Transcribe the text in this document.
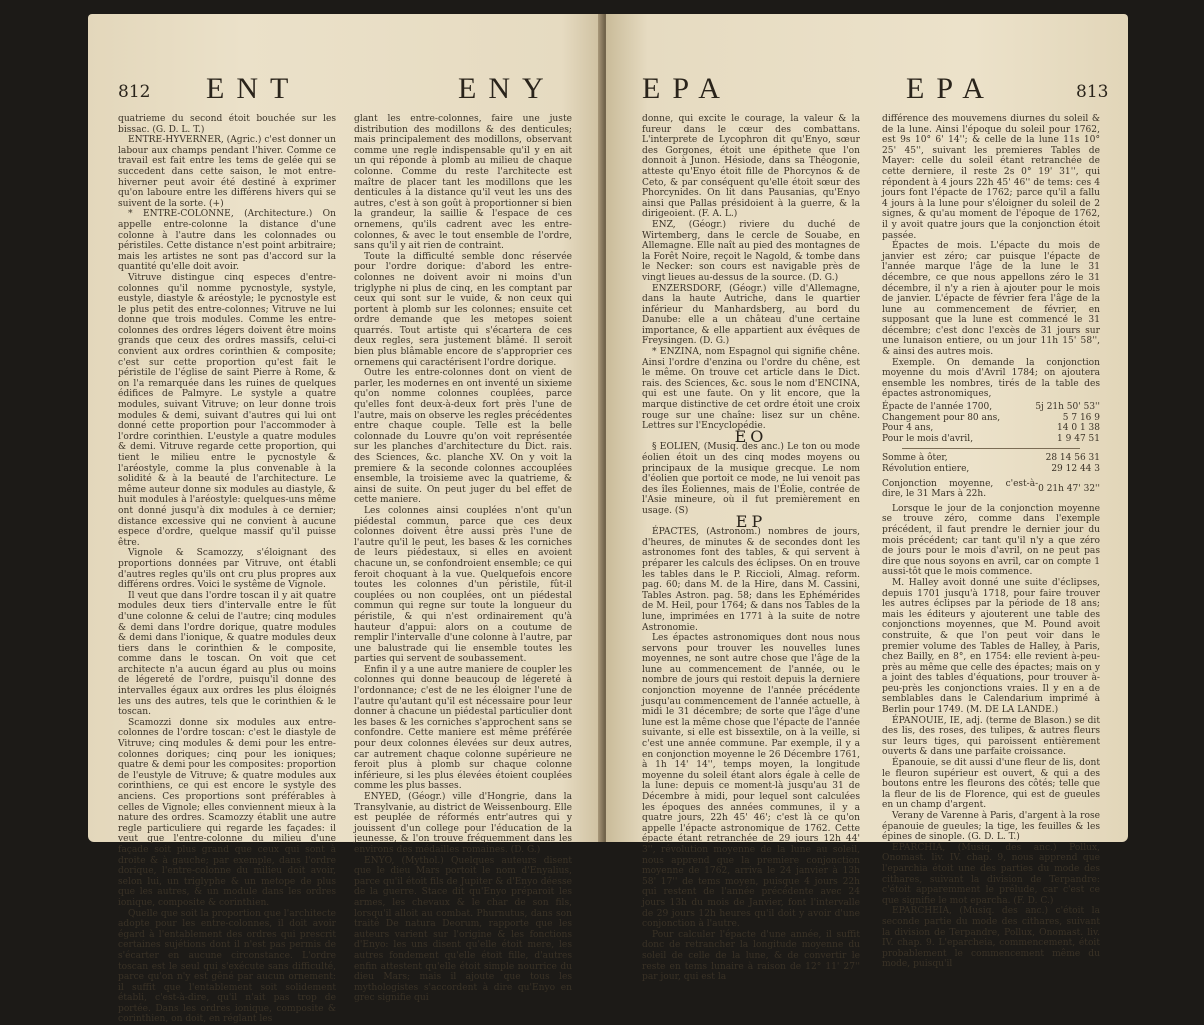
812 ENT	ENY

quatrieme du second étoit bouchée sur les bissac. (G. D. L. T.)

ENTRE-HYVERNER, (Agric.) c'est donner un labour aux champs pendant l'hiver. Comme ce travail est fait entre les tems de gelée qui se succedent dans cette saison, le mot entre-hiverner peut avoir été destiné à exprimer qu'on laboure entre les différens hivers qui se suivent de la sorte. (+)

* ENTRE-COLONNE, (Architecture.) On appelle entre-colonne la distance d'une colonne à l'autre dans les colonnades ou péristiles. Cette distance n'est point arbitraire; mais les artistes ne sont pas d'accord sur la quantité qu'elle doit avoir.

Vitruve distingue cinq especes d'entre-colonnes qu'il nomme pycnostyle, systyle, eustyle, diastyle & aréostyle; le pycnostyle est le plus petit des entre-colonnes; Vitruve ne lui donne que trois modules. Comme les entre-colonnes des ordres légers doivent être moins grands que ceux des ordres massifs, celui-ci convient aux ordres corinthien & composite; c'est sur cette proportion qu'est fait le péristile de l'église de saint Pierre à Rome, & on l'a remarquée dans les ruines de quelques édifices de Palmyre. Le systyle a quatre modules, suivant Vitruve; on leur donne trois modules & demi, suivant d'autres qui lui ont donné cette proportion pour l'accommoder à l'ordre corinthien. L'eustyle a quatre modules & demi. Vitruve regarde cette proportion, qui tient le milieu entre le pycnostyle & l'aréostyle, comme la plus convenable à la solidité & à la beauté de l'architecture. Le même auteur donne six modules au diastyle, & huit modules à l'aréostyle: quelques-uns même ont donné jusqu'à dix modules à ce dernier; distance excessive qui ne convient à aucune espece d'ordre, quelque massif qu'il puisse être.

Vignole & Scamozzy, s'éloignant des proportions données par Vitruve, ont établi d'autres regles qu'ils ont cru plus propres aux différens ordres. Voici le systême de Vignole.

Il veut que dans l'ordre toscan il y ait quatre modules deux tiers d'intervalle entre le fût d'une colonne & celui de l'autre; cinq modules & demi dans l'ordre dorique, quatre modules & demi dans l'ionique, & quatre modules deux tiers dans le corinthien & le composite, comme dans le toscan. On voit que cet architecte n'a aucun égard au plus ou moins de légereté de l'ordre, puisqu'il donne des intervalles égaux aux ordres les plus éloignés les uns des autres, tels que le corinthien & le toscan.

Scamozzi donne six modules aux entre-colonnes de l'ordre toscan: c'est le diastyle de Vitruve; cinq modules & demi pour les entre-colonnes doriques; cinq pour les ioniques; quatre & demi pour les composites: proportion de l'eustyle de Vitruve; & quatre modules aux corinthiens, ce qui est encore le systyle des anciens. Ces proportions sont préférables à celles de Vignole; elles conviennent mieux à la nature des ordres. Scamozzy établit une autre regle particuliere qui regarde les façades: il veut que l'entre-colonne du milieu d'une façade soit plus grand que ceux qui sont à droite & à gauche; par exemple, dans l'ordre dorique, l'entre-colonne du milieu doit avoir, selon lui, un triglyphe & un metope de plus que les autres, & un module dans les ordres ionique, composite & corinthien.

Quelle que soit la proportion que l'architecte adopte pour les entre-colonnes, il doit avoir égard à l'entablement des ordres qui prescrit certaines sujétions dont il n'est pas permis de s'écarter en aucune circonstance. L'ordre toscan est le seul qui s'exécute sans difficulté, parce qu'on n'y est gêné par aucun ornement: il suffit que l'entablement soit solidement établi, c'est-à-dire, qu'il n'ait pas trop de portée. Dans les ordres ionique, composite & corinthien, on doit, en réglant les

glant les entre-colonnes, faire une juste distribution des modillons & des denticules; mais principalement des modillons, observant comme une regle indispensable qu'il y en ait un qui réponde à plomb au milieu de chaque colonne. Comme du reste l'architecte est maître de placer tant les modillons que les denticules à la distance qu'il veut les uns des autres, c'est à son goût à proportionner si bien la grandeur, la saillie & l'espace de ces ornemens, qu'ils cadrent avec les entre-colonnes, & avec le tout ensemble de l'ordre, sans qu'il y ait rien de contraint.

Toute la difficulté semble donc réservée pour l'ordre dorique: d'abord les entre-colonnes ne doivent avoir ni moins d'un triglyphe ni plus de cinq, en les comptant par ceux qui sont sur le vuide, & non ceux qui portent à plomb sur les colonnes; ensuite cet ordre demande que les metopes soient quarrés. Tout artiste qui s'écartera de ces deux regles, sera justement blâmé. Il seroit bien plus blâmable encore de s'approprier ces ornemens qui caractérisent l'ordre dorique.

Outre les entre-colonnes dont on vient de parler, les modernes en ont inventé un sixieme qu'on nomme colonnes couplées, parce qu'elles font deux-à-deux fort près l'une de l'autre, mais on observe les regles précédentes entre chaque couple. Telle est la belle colonnade du Louvre qu'on voit représentée sur les planches d'architecture du Dict. rais. des Sciences, &c. planche XV. On y voit la premiere & la seconde colonnes accouplées ensemble, la troisieme avec la quatrieme, & ainsi de suite. On peut juger du bel effet de cette maniere.

Les colonnes ainsi couplées n'ont qu'un piédestal commun, parce que ces deux colonnes doivent être aussi près l'une de l'autre qu'il le peut, les bases & les corniches de leurs piédestaux, si elles en avoient chacune un, se confondroient ensemble; ce qui feroit choquant à la vue. Quelquefois encore toutes les colonnes d'un péristile, fût-il couplées ou non couplées, ont un piédestal commun qui regne sur toute la longueur du péristile, & qui n'est ordinairement qu'à hauteur d'appui: alors on a coutume de remplir l'intervalle d'une colonne à l'autre, par une balustrade qui lie ensemble toutes les parties qui servent de soubassement.

Enfin il y a une autre maniere de coupler les colonnes qui donne beaucoup de légereté à l'ordonnance; c'est de ne les éloigner l'une de l'autre qu'autant qu'il est nécessaire pour leur donner à chacune un piédestal particulier dont les bases & les corniches s'approchent sans se confondre. Cette maniere est même préférée pour deux colonnes élevées sur deux autres, car autrement chaque colonne supérieure ne feroit plus à plomb sur chaque colonne inférieure, si les plus élevées étoient couplées comme les plus basses.

ENYED, (Géogr.) ville d'Hongrie, dans la Transylvanie, au district de Weissenbourg. Elle est peuplée de réformés entr'autres qui y jouissent d'un college pour l'éducation de la jeunesse, & l'on trouve fréquemment dans les environs des médailles romaines. (D. G.)

ENYO, (Mythol.) Quelques auteurs disent que le dieu Mars portoit le nom d'Enyalius, parce qu'il étoit fils de Jupiter & d'Enyo déesse de la guerre. Stace dit qu'Enyo préparoit les armes, les chevaux & le char de son fils, lorsqu'il alloit au combat. Phurnutus, dans son traité De natura Deorum, rapporte que les auteurs varient sur l'origine & les fonctions d'Enyo: les uns disent qu'elle étoit mere, les autres fondement qu'elle étoit fille, d'autres enfin attestent qu'elle étoit simple nourrice du dieu Mars; mais il ajoute que tous les mythologistes s'accordent à dire qu'Enyo en grec signifie qui

EPA	EPA	813

donne, qui excite le courage, la valeur & la fureur dans le cœur des combattans. L'interprete de Lycophron dit qu'Enyo, sœur des Gorgones, étoit une épithete que l'on donnoit à Junon. Hésiode, dans sa Théogonie, atteste qu'Enyo étoit fille de Phorcynos & de Ceto, & par conséquent qu'elle étoit sœur des Phorcynides. On lit dans Pausanias, qu'Enyo ainsi que Pallas présidoient à la guerre, & la dirigeoient. (F. A. L.)

ENZ, (Géogr.) riviere du duché de Wirtemberg, dans le cercle de Souabe, en Allemagne. Elle naît au pied des montagnes de la Forêt Noire, reçoit le Nagold, & tombe dans le Necker: son cours est navigable près de vingt lieues au-dessus de la source. (D. G.)

ENZERSDORF, (Géogr.) ville d'Allemagne, dans la haute Autriche, dans le quartier inférieur du Manhardsberg, au bord du Danube: elle a un château d'une certaine importance, & elle appartient aux évêques de Freysingen. (D. G.)

* ENZINA, nom Espagnol qui signifie chêne. Ainsi l'ordre d'enzina ou l'ordre du chêne, est le même. On trouve cet article dans le Dict. rais. des Sciences, &c. sous le nom d'ENCINA, qui est une faute. On y lit encore, que la marque distinctive de cet ordre étoit une croix rouge sur une chaîne: lisez sur un chêne. Lettres sur l'Encyclopédie.

EO

§ EOLIEN, (Musiq. des anc.) Le ton ou mode éolien étoit un des cinq modes moyens ou principaux de la musique grecque. Le nom d'éolien que portoit ce mode, ne lui venoit pas des îles Éoliennes, mais de l'Éolie, contrée de l'Asie mineure, où il fut premièrement en usage. (S)

EP

ÉPACTES, (Astronom.) nombres de jours, d'heures, de minutes & de secondes dont les astronomes font des tables, & qui servent à préparer les calculs des éclipses. On en trouve les tables dans le P. Riccioli, Almag. reform. pag. 60; dans M. de la Hire, dans M. Cassini, Tables Astron. pag. 58; dans les Ephémérides de M. Heil, pour 1764; & dans nos Tables de la lune, imprimées en 1771 à la suite de notre Astronomie.

Les épactes astronomiques dont nous nous servons pour trouver les nouvelles lunes moyennes, ne sont autre chose que l'âge de la lune au commencement de l'année, ou le nombre de jours qui restoit depuis la derniere conjonction moyenne de l'année précédente jusqu'au commencement de l'année actuelle, à midi le 31 décembre; de sorte que l'âge d'une lune est la même chose que l'épacte de l'année suivante, si elle est bissextile, on à la veille, si c'est une année commune. Par exemple, il y a en conjonction moyenne le 26 Décembre 1761, à 1h 14' 14'', temps moyen, la longitude moyenne du soleil étant alors égale à celle de la lune: depuis ce moment-là jusqu'au 31 de Décembre à midi, pour lequel sont calculées les époques des années communes, il y a quatre jours, 22h 45' 46'; c'est là ce qu'on appelle l'épacte astronomique de 1762. Cette épacte étant retranchée de 29 jours 12h 44' 3'', révolution moyenne de la lune au soleil, nous apprend que la premiere conjonction moyenne de 1762, arriva le 24 janvier à 13h 58' 17'' de tems moyen, puisque 4 jours 22h qui restent de l'année précédente avec 24 jours 13h du mois de Janvier, font l'intervalle de 29 jours 12h heures qu'il doit y avoir d'une conjonction à l'autre.

Pour calculer l'épacte d'une année, il suffit donc de retrancher la longitude moyenne du soleil de celle de la lune, & de convertir le reste en tems lunaire à raison de 12° 11' 27'' par jour, qui est la

différence des mouvemens diurnes du soleil & de la lune. Ainsi l'époque du soleil pour 1762, est 9s 10° 6' 14''; & celle de la lune 11s 10° 25' 45'', suivant les premieres Tables de Mayer: celle du soleil étant retranchée de cette derniere, il reste 2s 0° 19' 31'', qui répondent à 4 jours 22h 45' 46'' de tems: ces 4 jours font l'épacte de 1762; parce qu'il a fallu 4 jours à la lune pour s'éloigner du soleil de 2 signes, & qu'au moment de l'époque de 1762, il y avoit quatre jours que la conjonction étoit passée.

Épactes de mois. L'épacte du mois de janvier est zéro; car puisque l'épacte de l'année marque l'âge de la lune le 31 décembre, ce que nous appellons zéro le 31 décembre, il n'y a rien à ajouter pour le mois de janvier. L'épacte de février fera l'âge de la lune au commencement de février, en supposant que la lune est commencé le 31 décembre; c'est donc l'excès de 31 jours sur une lunaison entiere, ou un jour 11h 15' 58'', & ainsi des autres mois.

Exemple. On demande la conjonction moyenne du mois d'Avril 1784; on ajoutera ensemble les nombres, tirés de la table des épactes astronomiques,

Épacte de l'année 1700,	5j 21h 50' 53''
Changement pour 80 ans,	5 7 16 9
Pour 4 ans,	14 0 1 38
Pour le mois d'avril,	1 9 47 51
Somme à ôter,	28 14 56 31
Révolution entiere,	29 12 44 3
Conjonction moyenne, c'est-à-dire, le 31 Mars à 22h.	0 21h 47' 32''

Lorsque le jour de la conjonction moyenne se trouve zéro, comme dans l'exemple précédent, il faut prendre le dernier jour du mois précédent; car tant qu'il n'y a que zéro de jours pour le mois d'avril, on ne peut pas dire que nous soyons en avril, car on compte 1 aussi-tôt que le mois commence.

M. Halley avoit donné une suite d'éclipses, depuis 1701 jusqu'à 1718, pour faire trouver les autres éclipses par la période de 18 ans; mais les éditeurs y ajouterent une table des conjonctions moyennes, que M. Pound avoit construite, & que l'on peut voir dans le premier volume des Tables de Halley, à Paris, chez Bailly, en 8°, en 1754: elle revient à-peu-près au même que celle des épactes; mais on y a joint des tables d'équations, pour trouver à-peu-près les conjonctions vraies. Il y en a de semblables dans le Calendarium imprimé à Berlin pour 1749. (M. DE LA LANDE.)

ÉPANOUIE, IE, adj. (terme de Blason.) se dit des lis, des roses, des tulipes, & autres fleurs sur leurs tiges, qui paroissent entièrement ouverts & dans une parfaite croissance.

Épanouie, se dit aussi d'une fleur de lis, dont le fleuron supérieur est ouvert, & qui a des boutons entre les fleurons des côtés; telle que la fleur de lis de Florence, qui est de gueules en un champ d'argent.

Verany de Varenne à Paris, d'argent à la rose épanouie de gueules; la tige, les feuilles & les épines de sinople. (G. D. L. T.)

EPARCHIA, (Musiq. des anc.) Pollux, Onomast. liv. IV. chap. 9, nous apprend que l'eparchia étoit une des parties du mode des cithares, suivant la division de Terpandre: c'étoit apparemment le prélude, car c'est ce que signifie le mot eparcha. (F. D. C.)

EPARCHEIA, (Musiq. des anc.) c'étoit la seconde partie du mode des cithares, suivant la division de Terpandre, Pollux, Onomast. liv. IV. chap. 9. L'eparcheia, commencement, étoit probablement le commencement même du mode, puisqu'il
